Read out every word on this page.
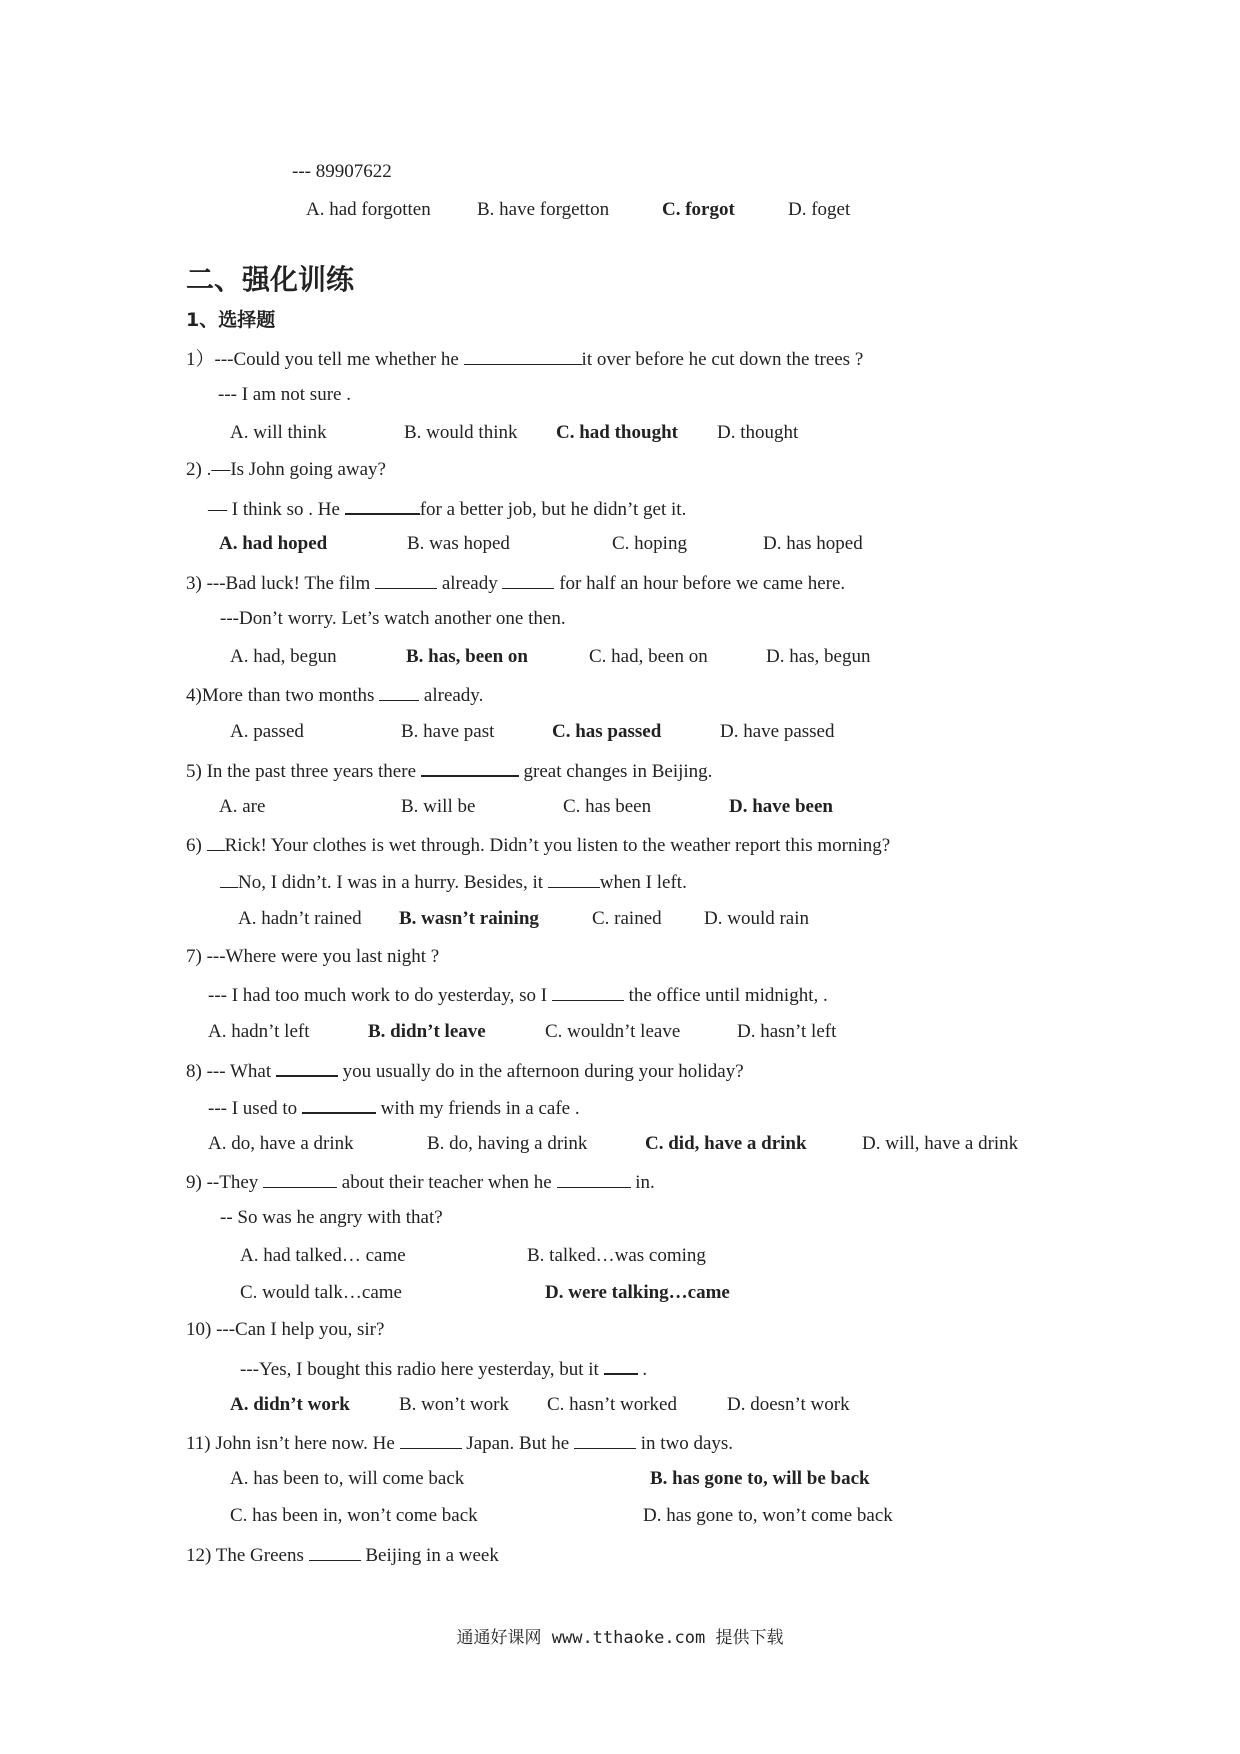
--- 89907622
A. had forgotten B. have forgetton	C. forgot	D. foget
二、强化训练
1、选择题
1）---Could you tell me whether he	it over before he cut down the trees ?
--- I am not sure .
A. will think	B. would think C. had thought D. thought
2) .—Is John going away?
— I think so . He	for a better job, but he didn’t get it.
A. had hoped	B. was hoped	C. hoping	D. has hoped
3) ---Bad luck! The film	already	for half an hour before we came here.
---Don’t worry. Let’s watch another one then.
A. had, begun	B. has, been on	C. had, been on	D. has, begun
4)More than two months  already.
A. passed	B. have past	C. has passed	D. have passed
5) In the past three years there	great changes in Beijing.
A. are	B. will be	C. has been	D. have been
6) Rick! Your clothes is wet through. Didn’t you listen to the weather report this morning?
No, I didn’t. I was in a hurry. Besides, it	when I left.
A. hadn’t rained B. wasn’t raining	C. rained D. would rain
7) ---Where were you last night ?
--- I had too much work to do yesterday, so I	the office until midnight, .
A. hadn’t left	B. didn’t leave	C. wouldn’t leave	D. hasn’t left
8) --- What	you usually do in the afternoon during your holiday?
--- I used to	with my friends in a cafe .
A. do, have a drink	B. do, having a drink	C. did, have a drink	D. will, have a drink
9) --They	about their teacher when he	in.
-- So was he angry with that?
A. had talked… came	B. talked…was coming
C. would talk…came	D. were talking…came
10) ---Can I help you, sir?
---Yes, I bought this radio here yesterday, but it  .
A. didn’t work	B. won’t work C. hasn’t worked	D. doesn’t work
11) John isn’t here now. He	Japan. But he	in two days.
A. has been to, will come back	B. has gone to, will be back
C. has been in, won’t come back	D. has gone to, won’t come back
12) The Greens	Beijing in a week
通通好课网 www.tthaoke.com 提供下载
